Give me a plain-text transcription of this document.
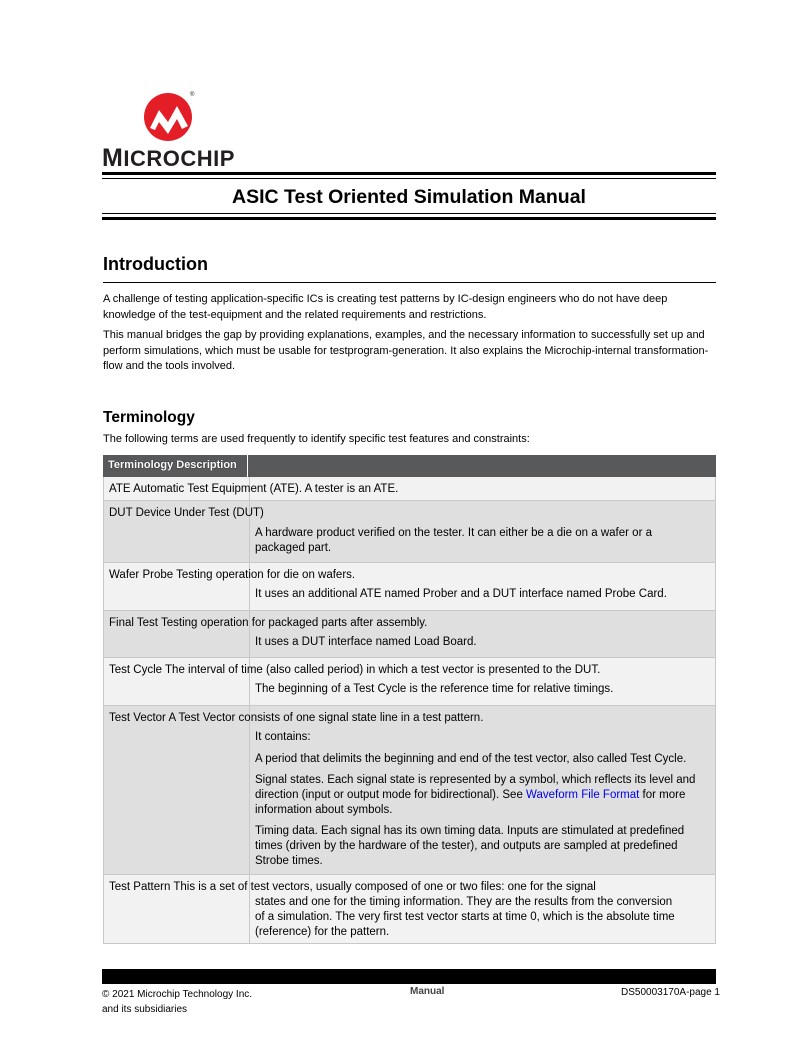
®
MICROCHIP
ASIC Test Oriented Simulation Manual
Introduction
A challenge of testing application-specific ICs is creating test patterns by IC-design engineers who do not have deep knowledge of the test-equipment and the related requirements and restrictions.
This manual bridges the gap by providing explanations, examples, and the necessary information to successfully set up and perform simulations, which must be usable for testprogram-generation. It also explains the Microchip-internal transformation-flow and the tools involved.
Terminology
The following terms are used frequently to identify specific test features and constraints:
Terminology Description
ATE Automatic Test Equipment (ATE). A tester is an ATE.
DUT Device Under Test (DUT)
A hardware product verified on the tester. It can either be a die on a wafer or a packaged part.
Wafer Probe Testing operation for die on wafers.
It uses an additional ATE named Prober and a DUT interface named Probe Card.
Final Test Testing operation for packaged parts after assembly.
It uses a DUT interface named Load Board.
Test Cycle The interval of time (also called period) in which a test vector is presented to the DUT.
The beginning of a Test Cycle is the reference time for relative timings.
Test Vector A Test Vector consists of one signal state line in a test pattern.
It contains:
A period that delimits the beginning and end of the test vector, also called Test Cycle.
Signal states. Each signal state is represented by a symbol, which reflects its level and direction (input or output mode for bidirectional). See Waveform File Format for more information about symbols.
Timing data. Each signal has its own timing data. Inputs are stimulated at predefined times (driven by the hardware of the tester), and outputs are sampled at predefined Strobe times.
Test Pattern This is a set of test vectors, usually composed of one or two files: one for the signal
states and one for the timing information. They are the results from the conversion
of a simulation. The very first test vector starts at time 0, which is the absolute time
(reference) for the pattern.
© 2021 Microchip Technology Inc.
and its subsidiaries
Manual	DS50003170A-page 1
